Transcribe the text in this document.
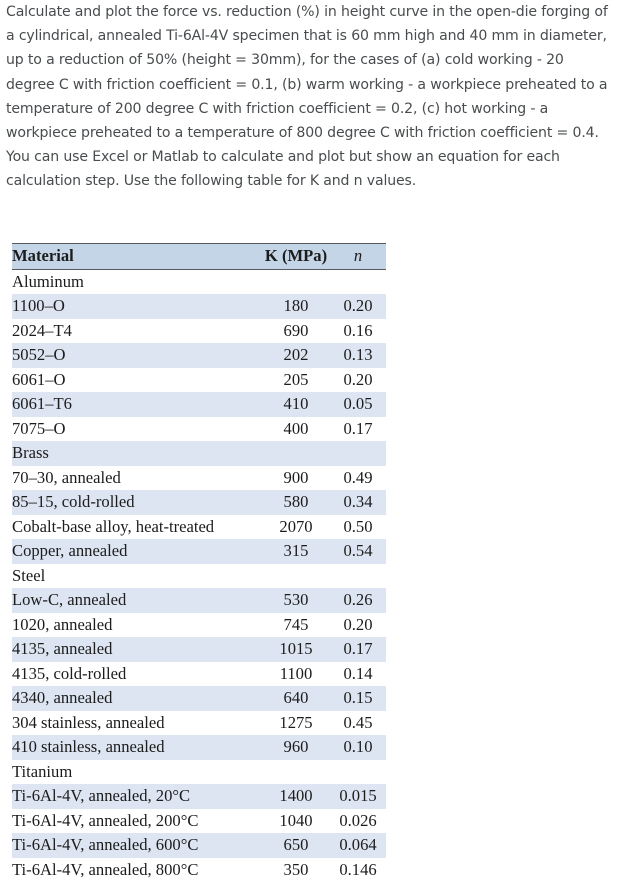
Calculate and plot the force vs. reduction (%) in height curve in the open-die forging of a cylindrical, annealed Ti-6Al-4V specimen that is 60 mm high and 40 mm in diameter, up to a reduction of 50% (height = 30mm), for the cases of (a) cold working - 20 degree C with friction coefficient = 0.1, (b) warm working - a workpiece preheated to a temperature of 200 degree C with friction coefficient = 0.2, (c) hot working - a workpiece preheated to a temperature of 800 degree C with friction coefficient = 0.4. You can use Excel or Matlab to calculate and plot but show an equation for each calculation step. Use the following table for K and n values.

Material	K (MPa)	n
Aluminum		
1100–O	180	0.20
2024–T4	690	0.16
5052–O	202	0.13
6061–O	205	0.20
6061–T6	410	0.05
7075–O	400	0.17
Brass		
70–30, annealed	900	0.49
85–15, cold-rolled	580	0.34
Cobalt-base alloy, heat-treated	2070	0.50
Copper, annealed	315	0.54
Steel		
Low-C, annealed	530	0.26
1020, annealed	745	0.20
4135, annealed	1015	0.17
4135, cold-rolled	1100	0.14
4340, annealed	640	0.15
304 stainless, annealed	1275	0.45
410 stainless, annealed	960	0.10
Titanium		
Ti-6Al-4V, annealed, 20°C	1400	0.015
Ti-6Al-4V, annealed, 200°C	1040	0.026
Ti-6Al-4V, annealed, 600°C	650	0.064
Ti-6Al-4V, annealed, 800°C	350	0.146
